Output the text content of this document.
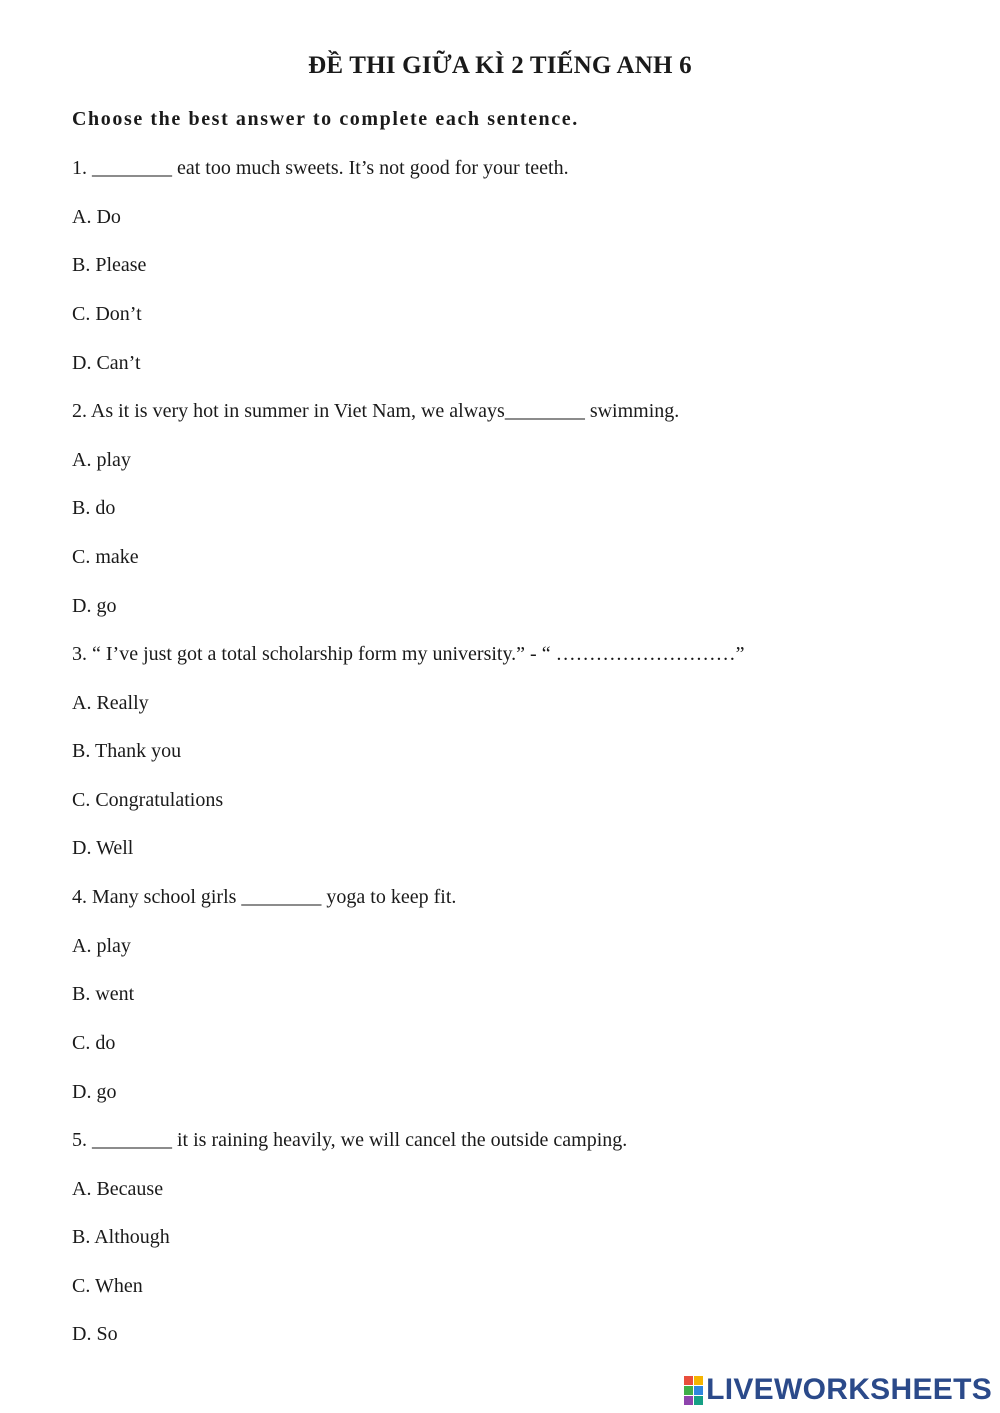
ĐỀ THI GIỮA KÌ 2 TIẾNG ANH 6

Choose the best answer to complete each sentence.

1. ________ eat too much sweets. It’s not good for your teeth.

A. Do

B. Please

C. Don’t

D. Can’t

2. As it is very hot in summer in Viet Nam, we always________ swimming.

A. play

B. do

C. make

D. go

3. “ I’ve just got a total scholarship form my university.” - “ ………………………”

A. Really

B. Thank you

C. Congratulations

D. Well

4. Many school girls ________ yoga to keep fit.

A. play

B. went

C. do

D. go

5. ________ it is raining heavily, we will cancel the outside camping.

A. Because

B. Although

C. When

D. So

LIVEWORKSHEETS
